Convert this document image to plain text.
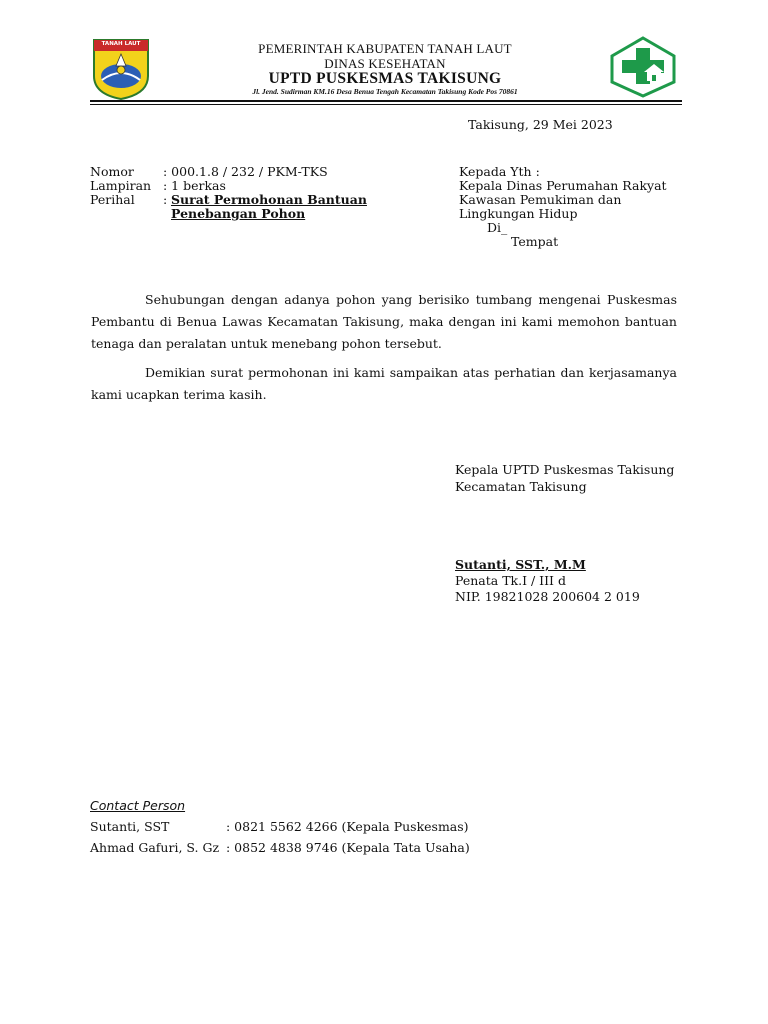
TANAH LAUT	PEMERINTAH KABUPATEN TANAH LAUT
DINAS KESEHATAN
UPTD PUSKESMAS TAKISUNG
Jl. Jend. Sudirman KM.16 Desa Benua Tengah Kecamatan Takisung Kode Pos 70861
Takisung, 29 Mei 2023
Nomor : 000.1.8 / 232 / PKM-TKS
Lampiran : 1 berkas
Perihal : Surat Permohonan Bantuan
Penebangan Pohon
Kepada Yth :
Kepala Dinas Perumahan Rakyat
Kawasan Pemukiman dan
Lingkungan Hidup
Di_
Tempat
Sehubungan dengan adanya pohon yang berisiko tumbang mengenai Puskesmas Pembantu di Benua Lawas Kecamatan Takisung, maka dengan ini kami memohon bantuan tenaga dan peralatan untuk menebang pohon tersebut.
Demikian surat permohonan ini kami sampaikan atas perhatian dan kerjasamanya kami ucapkan terima kasih.
Kepala UPTD Puskesmas Takisung
Kecamatan Takisung
Sutanti, SST., M.M
Penata Tk.I / III d
NIP. 19821028 200604 2 019
Contact Person
Sutanti, SST	: 0821 5562 4266 (Kepala Puskesmas)
Ahmad Gafuri, S. Gz : 0852 4838 9746 (Kepala Tata Usaha)
